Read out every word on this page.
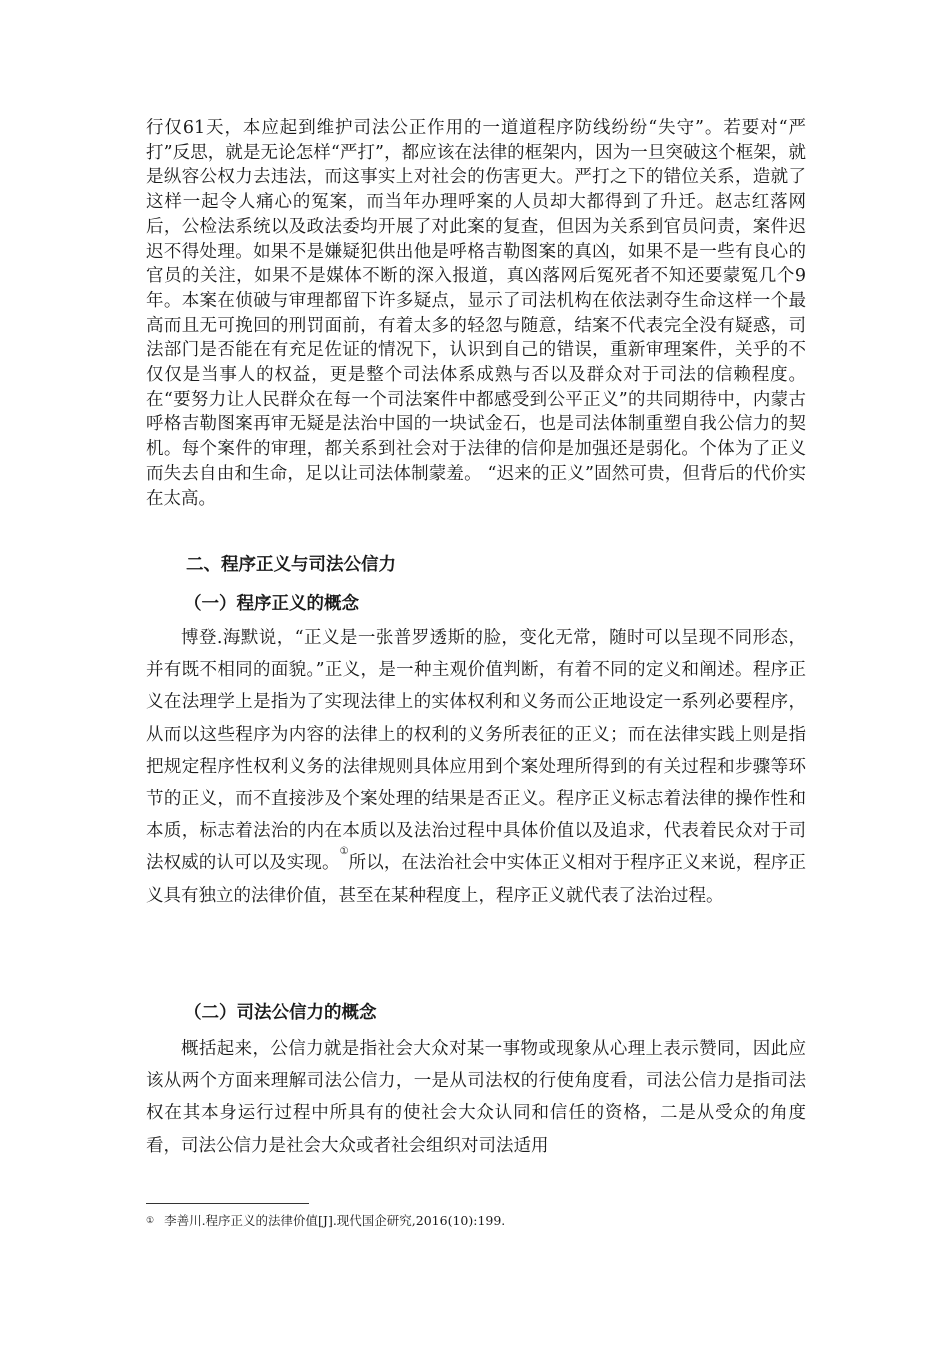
行仅61天，本应起到维护司法公正作用的一道道程序防线纷纷“失守”。若要对“严打”反思，就是无论怎样“严打”，都应该在法律的框架内，因为一旦突破这个框架，就是纵容公权力去违法，而这事实上对社会的伤害更大。严打之下的错位关系，造就了这样一起令人痛心的冤案，而当年办理呼案的人员却大都得到了升迁。赵志红落网后，公检法系统以及政法委均开展了对此案的复查，但因为关系到官员问责，案件迟迟不得处理。如果不是嫌疑犯供出他是呼格吉勒图案的真凶，如果不是一些有良心的官员的关注，如果不是媒体不断的深入报道，真凶落网后冤死者不知还要蒙冤几个9年。本案在侦破与审理都留下许多疑点，显示了司法机构在依法剥夺生命这样一个最高而且无可挽回的刑罚面前，有着太多的轻忽与随意，结案不代表完全没有疑惑，司法部门是否能在有充足佐证的情况下，认识到自己的错误，重新审理案件，关乎的不仅仅是当事人的权益，更是整个司法体系成熟与否以及群众对于司法的信赖程度。在“要努力让人民群众在每一个司法案件中都感受到公平正义”的共同期待中，内蒙古呼格吉勒图案再审无疑是法治中国的一块试金石，也是司法体制重塑自我公信力的契机。每个案件的审理，都关系到社会对于法律的信仰是加强还是弱化。个体为了正义而失去自由和生命，足以让司法体制蒙羞。 “迟来的正义”固然可贵，但背后的代价实在太高。

二、程序正义与司法公信力

（一）程序正义的概念

博登.海默说，“正义是一张普罗透斯的脸，变化无常，随时可以呈现不同形态，并有既不相同的面貌。”正义，是一种主观价值判断，有着不同的定义和阐述。程序正义在法理学上是指为了实现法律上的实体权利和义务而公正地设定一系列必要程序，从而以这些程序为内容的法律上的权利的义务所表征的正义；而在法律实践上则是指把规定程序性权利义务的法律规则具体应用到个案处理所得到的有关过程和步骤等环节的正义，而不直接涉及个案处理的结果是否正义。程序正义标志着法律的操作性和本质，标志着法治的内在本质以及法治过程中具体价值以及追求，代表着民众对于司法权威的认可以及实现。①所以，在法治社会中实体正义相对于程序正义来说，程序正义具有独立的法律价值，甚至在某种程度上，程序正义就代表了法治过程。

（二）司法公信力的概念

概括起来，公信力就是指社会大众对某一事物或现象从心理上表示赞同，因此应该从两个方面来理解司法公信力，一是从司法权的行使角度看，司法公信力是指司法权在其本身运行过程中所具有的使社会大众认同和信任的资格，二是从受众的角度看，司法公信力是社会大众或者社会组织对司法适用

① 李善川.程序正义的法律价值[J].现代国企研究,2016(10):199.
